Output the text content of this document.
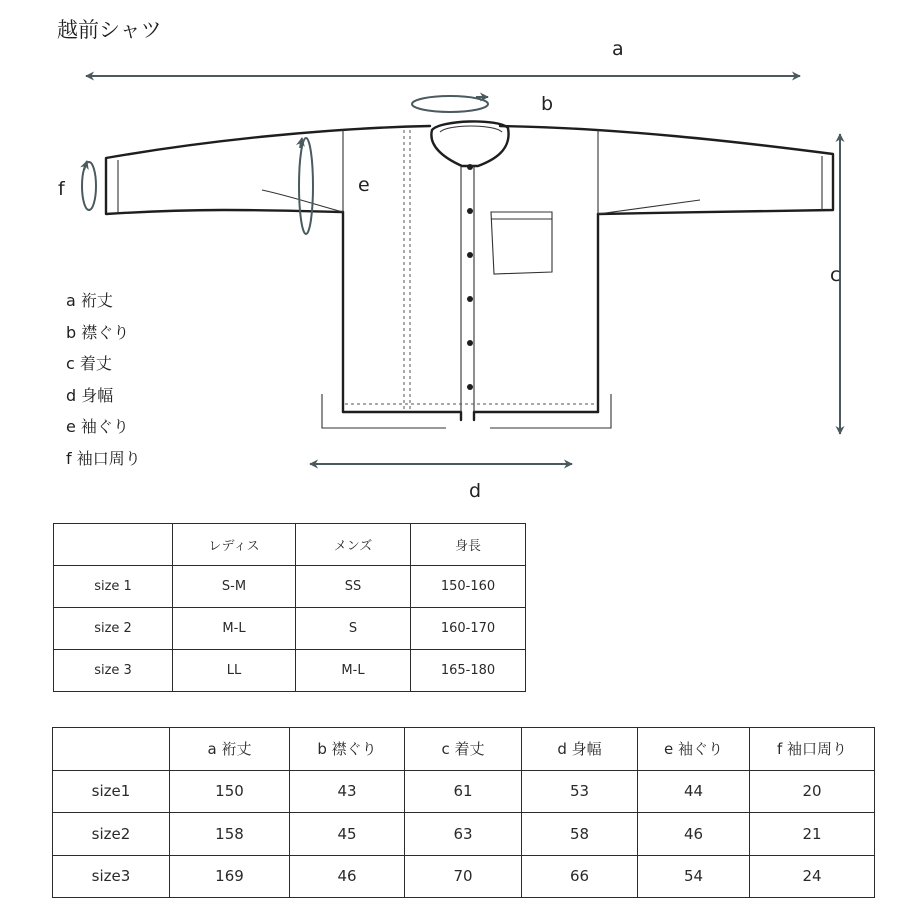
越前シャツ
a
b
c
d
e
f
a 裄丈
b 襟ぐり
c 着丈
d 身幅
e 袖ぐり
f 袖口周り
	レディス	メンズ	身長
size 1	S-M	SS	150-160
size 2	M-L	S	160-170
size 3	LL	M-L	165-180
	a 裄丈	b 襟ぐり	c 着丈	d 身幅	e 袖ぐり	f 袖口周り
size1	150	43	61	53	44	20
size2	158	45	63	58	46	21
size3	169	46	70	66	54	24
